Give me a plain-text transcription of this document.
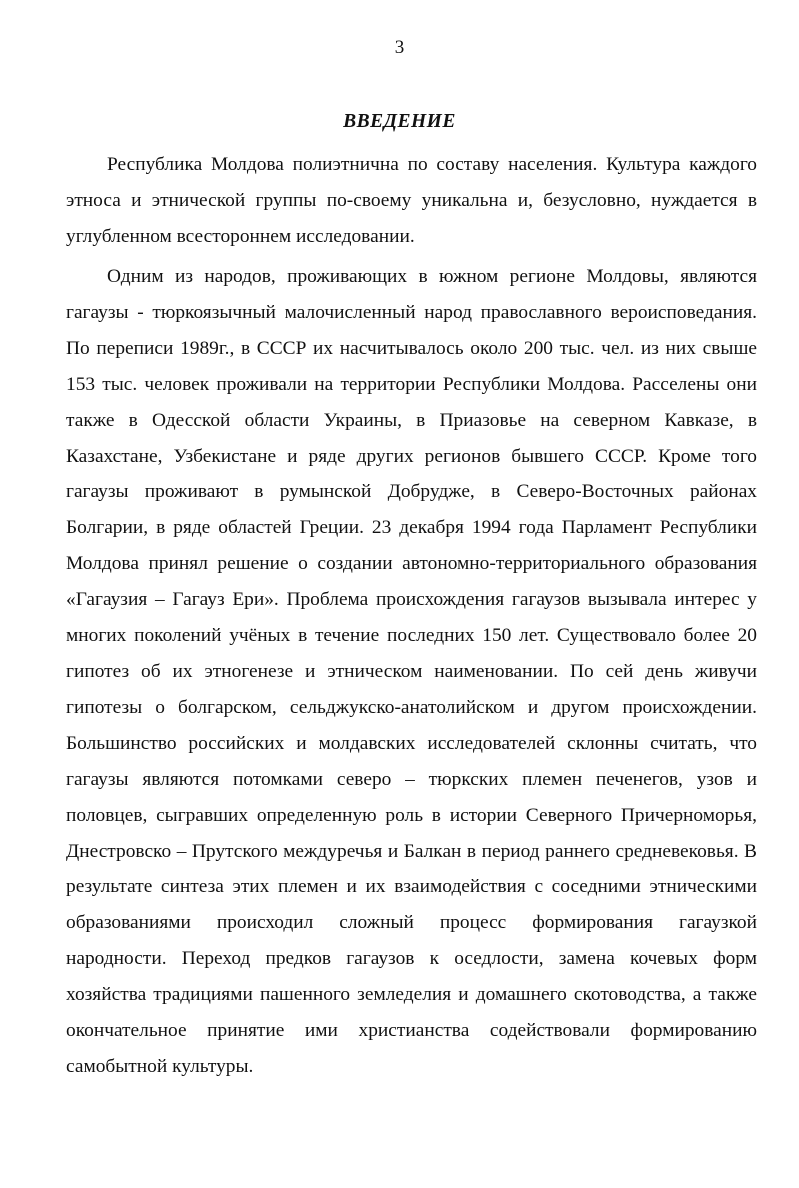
3
ВВЕДЕНИЕ

Республика Молдова полиэтнична по составу населения. Культура каждого этноса и этнической группы по-своему уникальна и, безусловно, нуждается в углубленном всестороннем исследовании.

Одним из народов, проживающих в южном регионе Молдовы, являются гагаузы - тюркоязычный малочисленный народ православного вероисповедания. По переписи 1989г., в СССР их насчитывалось около 200 тыс. чел. из них свыше 153 тыс. человек проживали на территории Республики Молдова. Расселены они также в Одесской области Украины, в Приазовье на северном Кавказе, в Казахстане, Узбекистане и ряде других регионов бывшего СССР. Кроме того гагаузы проживают в румынской Добрудже, в Северо-Восточных районах Болгарии, в ряде областей Греции. 23 декабря 1994 года Парламент Республики Молдова принял решение о создании автономно-территориального образования «Гагаузия – Гагауз Ери». Проблема происхождения гагаузов вызывала интерес у многих поколений учёных в течение последних 150 лет. Существовало более 20 гипотез об их этногенезе и этническом наименовании. По сей день живучи гипотезы о болгарском, сельджукско-анатолийском и другом происхождении. Большинство российских и молдавских исследователей склонны считать, что гагаузы являются потомками северо – тюркских племен печенегов, узов и половцев, сыгравших определенную роль в истории Северного Причерноморья, Днестровско – Прутского междуречья и Балкан в период раннего средневековья. В результате синтеза этих племен и их взаимодействия с соседними этническими образованиями происходил сложный процесс формирования гагаузкой народности. Переход предков гагаузов к оседлости, замена кочевых форм хозяйства традициями пашенного земледелия и домашнего скотоводства, а также окончательное принятие ими христианства содействовали формированию самобытной культуры.
